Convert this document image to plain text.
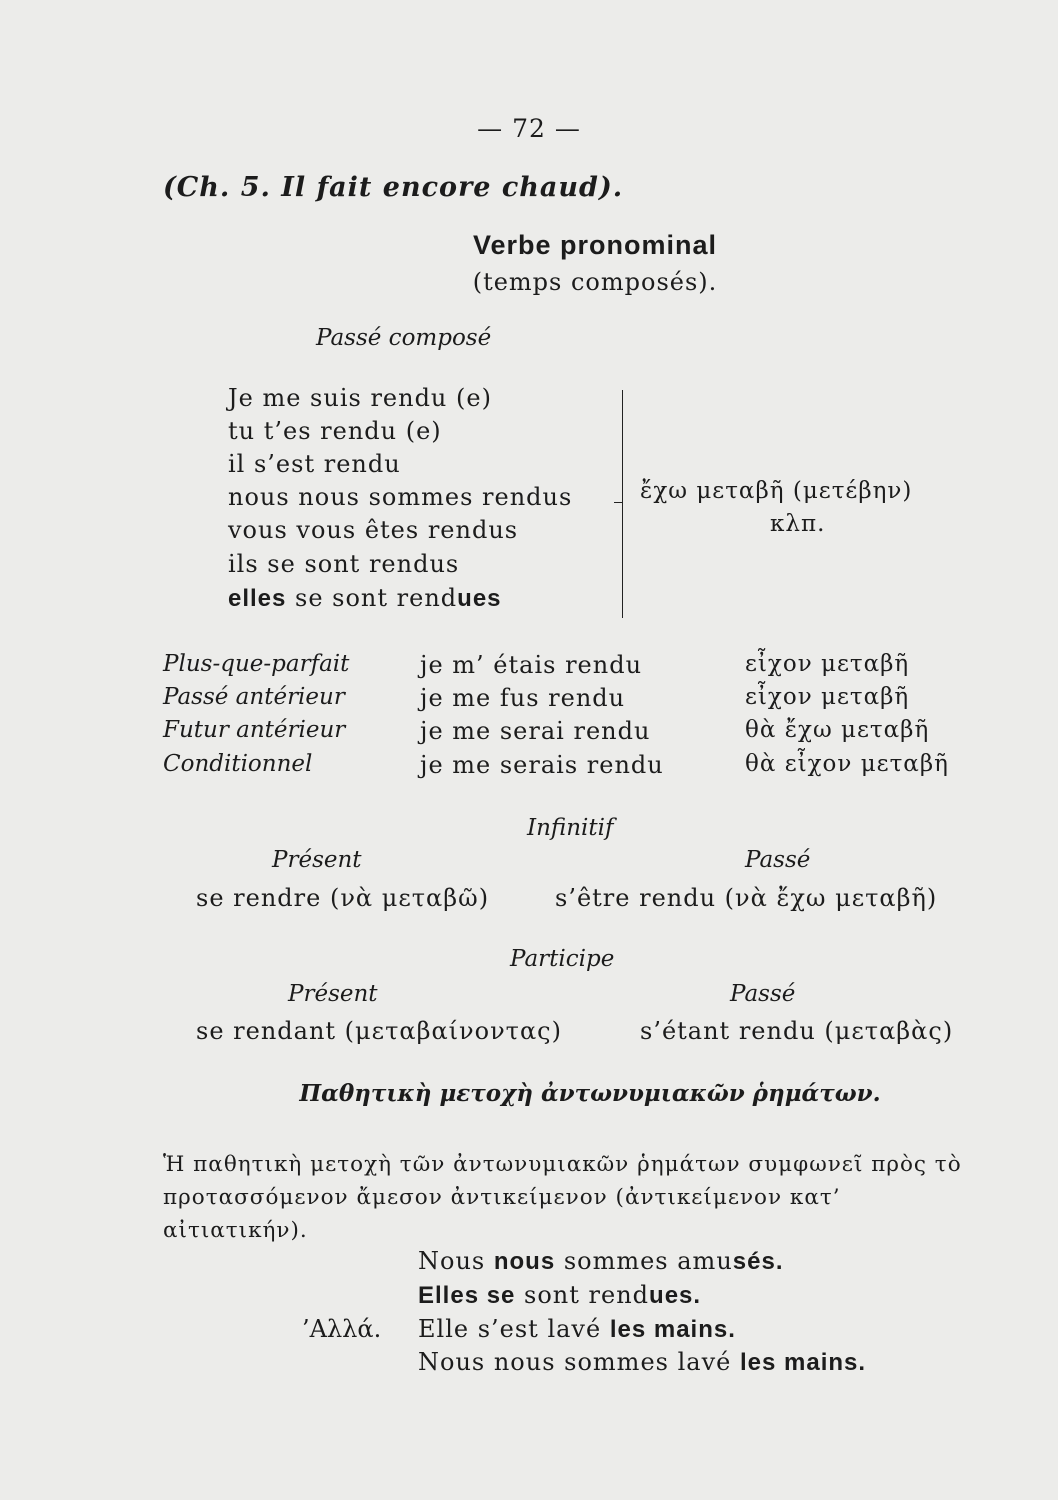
— 72 —
(Ch. 5. Il fait encore chaud).
Verbe pronominal
(temps composés).
Passé composé
Je me suis rendu (e)
tu t’es rendu (e)
il s’est rendu
nous nous sommes rendus
vous vous êtes rendus
ils se sont rendus
elles se sont rendues
ἔχω μεταβῆ (μετέβην)
κλπ.
Plus-que-parfait	je m’ étais rendu	εἶχον μεταβῆ
Passé antérieur	je me fus rendu	εἶχον μεταβῆ
Futur antérieur	je me serai rendu	θὰ ἔχω μεταβῆ
Conditionnel	je me serais rendu	θὰ εἶχον μεταβῆ
Infinitif
Présent	Passé
se rendre (νὰ μεταβῶ)	s’être rendu (νὰ ἔχω μεταβῆ)
Participe
Présent	Passé
se rendant (μεταβαίνοντας)	s’étant rendu (μεταβὰς)
Παθητικὴ μετοχὴ ἀντωνυμιακῶν ῥημάτων.
Ἡ παθητικὴ μετοχὴ τῶν ἀντωνυμιακῶν ῥημάτων συμφωνεῖ πρὸς τὸ προτασσόμενον ἄμεσον ἀντικείμενον (ἀντικείμενον κατ’ αἰτιατικήν).
Nous nous sommes amusés.
Elles se sont rendues.
’Αλλά. Elle s’est lavé les mains.
Nous nous sommes lavé les mains.
